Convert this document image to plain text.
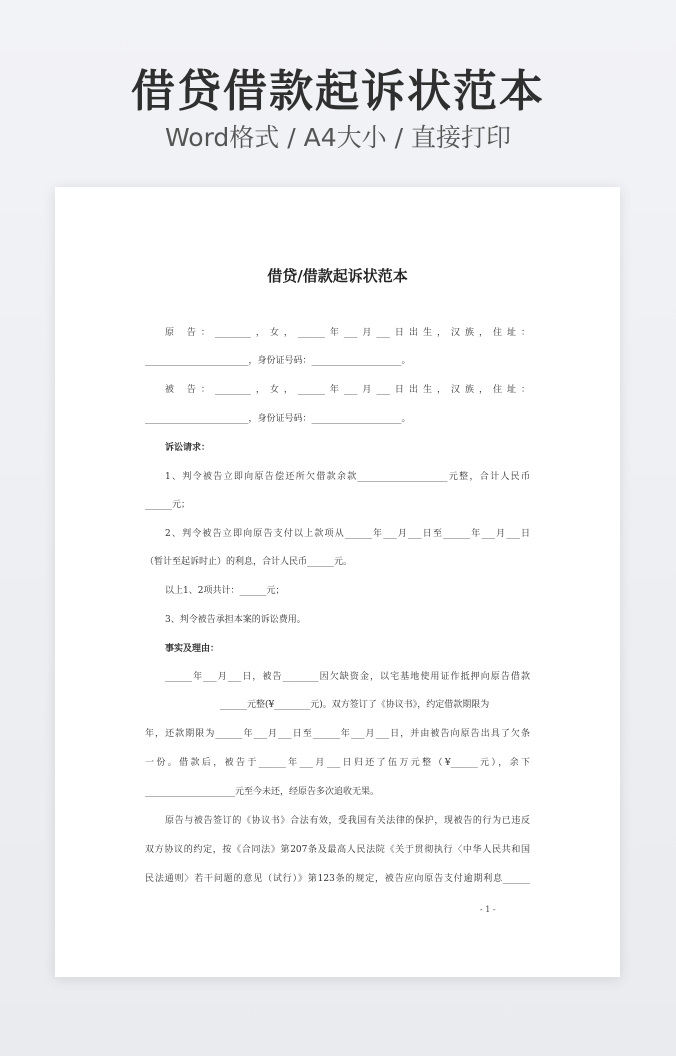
借贷借款起诉状范本
Word格式 / A4大小 / 直接打印
借贷/借款起诉状范本
原 告：________，女，______年___月___日出生，汉族，住址：
_______________________，身份证号码：____________________。
被 告：________，女，______年___月___日出生，汉族，住址：
_______________________，身份证号码：____________________。
诉讼请求：
1、判令被告立即向原告偿还所欠借款余款____________________元整，合计人民币
______元；
2、判令被告立即向原告支付以上款项从______年___月___日至______年___月___日
（暂计至起诉时止）的利息，合计人民币______元。
以上1、2项共计：______元；
3、判令被告承担本案的诉讼费用。
事实及理由：
______年___月___日，被告________因欠缺资金，以宅基地使用证作抵押向原告借款
______元整(¥________元)。双方签订了《协议书》，约定借款期限为
年，还款期限为______年___月___日至______年___月___日，并由被告向原告出具了欠条
一份。借款后，被告于______年___月___日归还了伍万元整（¥______元），余下
____________________元至今未还，经原告多次追收无果。
原告与被告签订的《协议书》合法有效，受我国有关法律的保护，现被告的行为已违反
双方协议的约定，按《合同法》第207条及最高人民法院《关于贯彻执行〈中华人民共和国
民法通则〉若干问题的意见（试行）》第123条的规定，被告应向原告支付逾期利息______
- 1 -
